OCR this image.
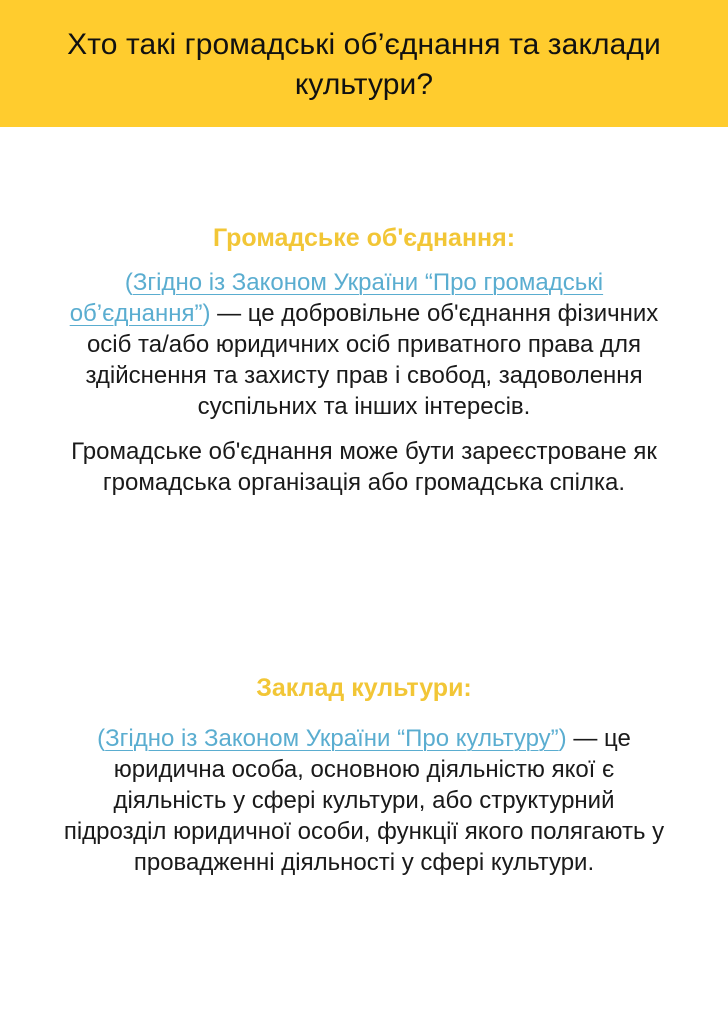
Хто такі громадські об’єднання та заклади культури?
Громадське об'єднання:

(Згідно із Законом України “Про громадські об’єднання”) — це добровільне об'єднання фізичних осіб та/або юридичних осіб приватного права для здійснення та захисту прав і свобод, задоволення суспільних та інших інтересів.

Громадське об'єднання може бути зареєстроване як громадська організація або громадська спілка.

Заклад культури:

(Згідно із Законом України “Про культуру”) — це юридична особа, основною діяльністю якої є діяльність у сфері культури, або структурний підрозділ юридичної особи, функції якого полягають у провадженні діяльності у сфері культури.
